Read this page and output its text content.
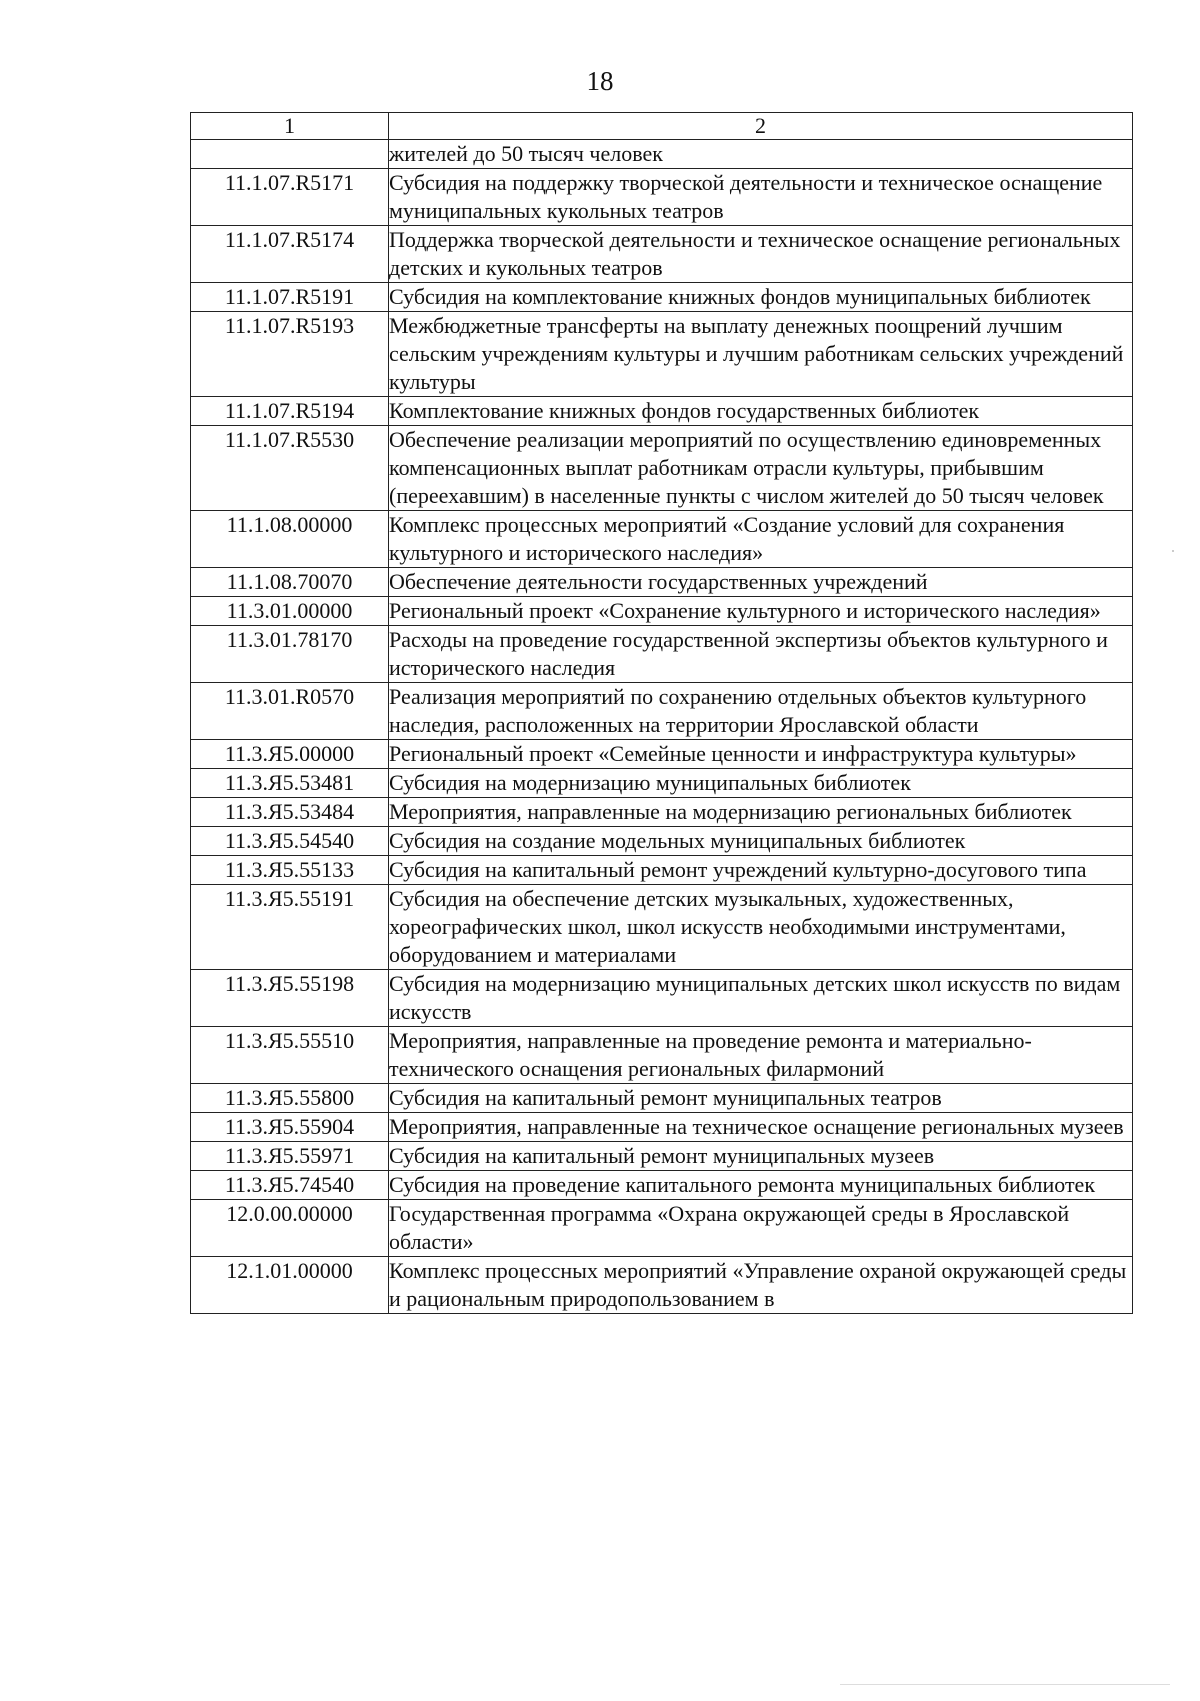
18
1	2
	жителей до 50 тысяч человек
11.1.07.R5171	Субсидия на поддержку творческой деятельности и техническое оснащение муниципальных кукольных театров
11.1.07.R5174	Поддержка творческой деятельности и техническое оснащение региональных детских и кукольных театров
11.1.07.R5191	Субсидия на комплектование книжных фондов муниципальных библиотек
11.1.07.R5193	Межбюджетные трансферты на выплату денежных поощрений лучшим сельским учреждениям культуры и лучшим работникам сельских учреждений культуры
11.1.07.R5194	Комплектование книжных фондов государственных библиотек
11.1.07.R5530	Обеспечение реализации мероприятий по осуществлению единовременных компенсационных выплат работникам отрасли культуры, прибывшим (переехавшим) в населенные пункты с числом жителей до 50 тысяч человек
11.1.08.00000	Комплекс процессных мероприятий «Создание условий для сохранения культурного и исторического наследия»
11.1.08.70070	Обеспечение деятельности государственных учреждений
11.3.01.00000	Региональный проект «Сохранение культурного и исторического наследия»
11.3.01.78170	Расходы на проведение государственной экспертизы объектов культурного и исторического наследия
11.3.01.R0570	Реализация мероприятий по сохранению отдельных объектов культурного наследия, расположенных на территории Ярославской области
11.3.Я5.00000	Региональный проект «Семейные ценности и инфраструктура культуры»
11.3.Я5.53481	Субсидия на модернизацию муниципальных библиотек
11.3.Я5.53484	Мероприятия, направленные на модернизацию региональных библиотек
11.3.Я5.54540	Субсидия на создание модельных муниципальных библиотек
11.3.Я5.55133	Субсидия на капитальный ремонт учреждений культурно-досугового типа
11.3.Я5.55191	Субсидия на обеспечение детских музыкальных, художественных, хореографических школ, школ искусств необходимыми инструментами, оборудованием и материалами
11.3.Я5.55198	Субсидия на модернизацию муниципальных детских школ искусств по видам искусств
11.3.Я5.55510	Мероприятия, направленные на проведение ремонта и материально-технического оснащения региональных филармоний
11.3.Я5.55800	Субсидия на капитальный ремонт муниципальных театров
11.3.Я5.55904	Мероприятия, направленные на техническое оснащение региональных музеев
11.3.Я5.55971	Субсидия на капитальный ремонт муниципальных музеев
11.3.Я5.74540	Субсидия на проведение капитального ремонта муниципальных библиотек
12.0.00.00000	Государственная программа «Охрана окружающей среды в Ярославской области»
12.1.01.00000	Комплекс процессных мероприятий «Управление охраной окружающей среды и рациональным природопользованием в
